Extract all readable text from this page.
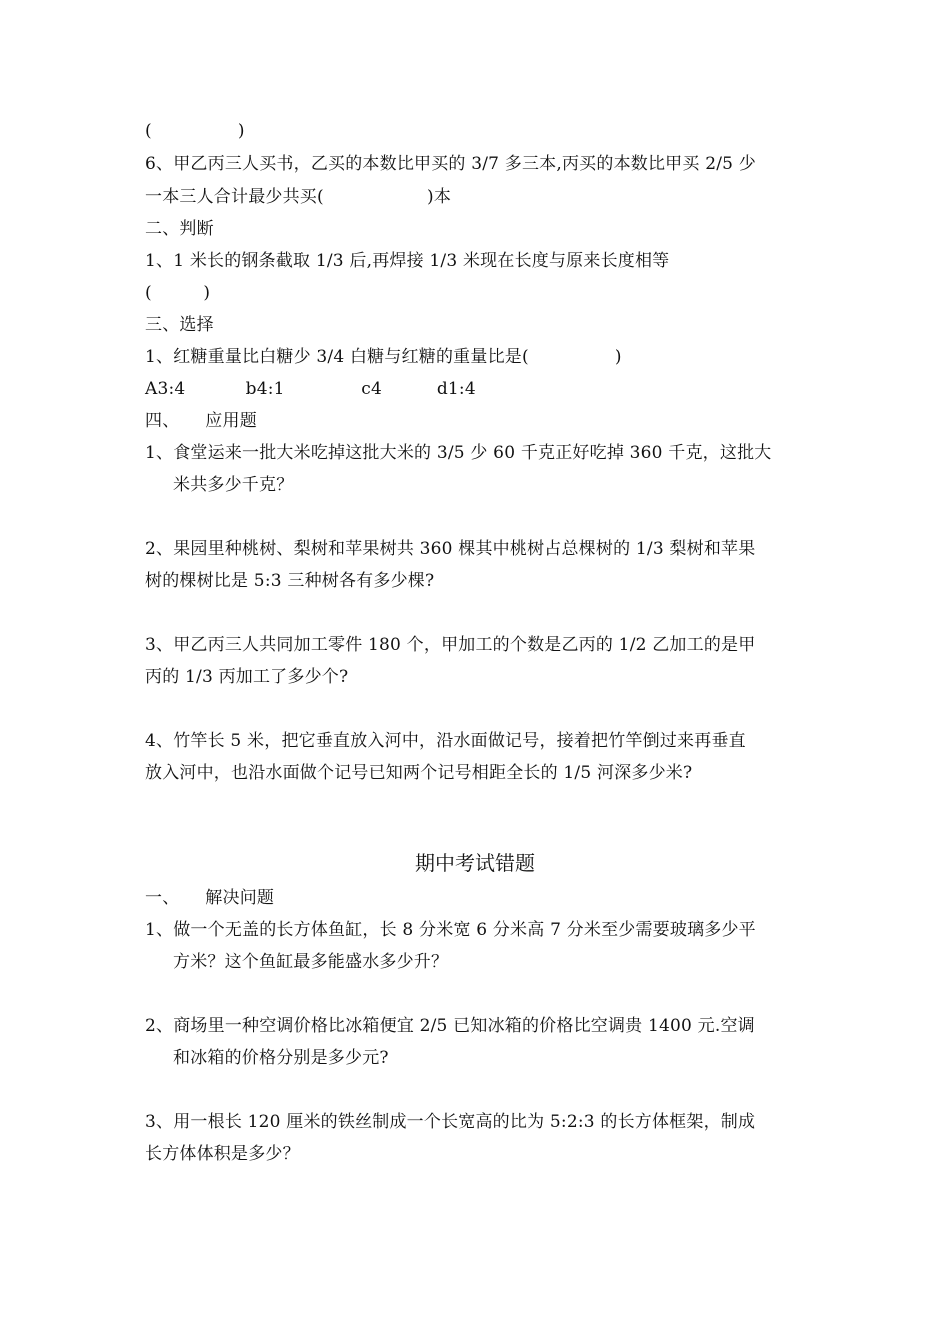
(　　　　　)
6、甲乙丙三人买书，乙买的本数比甲买的 3/7 多三本,丙买的本数比甲买 2/5 少
一本三人合计最少共买(　　　　　　)本
二、判断
1、1 米长的钢条截取 1/3 后,再焊接 1/3 米现在长度与原来长度相等
(　　　)
三、选择
1、红糖重量比白糖少 3/4 白糖与红糖的重量比是(　　　　　)
A3:4	b4:1	c4	d1:4
四、　　应用题
1、食堂运来一批大米吃掉这批大米的 3/5 少 60 千克正好吃掉 360 千克，这批大
米共多少千克？
2、果园里种桃树、梨树和苹果树共 360 棵其中桃树占总棵树的 1/3 梨树和苹果
树的棵树比是 5:3 三种树各有多少棵?
3、甲乙丙三人共同加工零件 180 个，甲加工的个数是乙丙的 1/2 乙加工的是甲
丙的 1/3 丙加工了多少个?
4、竹竿长 5 米，把它垂直放入河中，沿水面做记号，接着把竹竿倒过来再垂直
放入河中，也沿水面做个记号已知两个记号相距全长的 1/5 河深多少米?
期中考试错题
一、　　解决问题
1、做一个无盖的长方体鱼缸，长 8 分米宽 6 分米高 7 分米至少需要玻璃多少平
方米？这个鱼缸最多能盛水多少升？
2、商场里一种空调价格比冰箱便宜 2/5 已知冰箱的价格比空调贵 1400 元.空调
和冰箱的价格分别是多少元?
3、用一根长 120 厘米的铁丝制成一个长宽高的比为 5:2:3 的长方体框架，制成
长方体体积是多少？
